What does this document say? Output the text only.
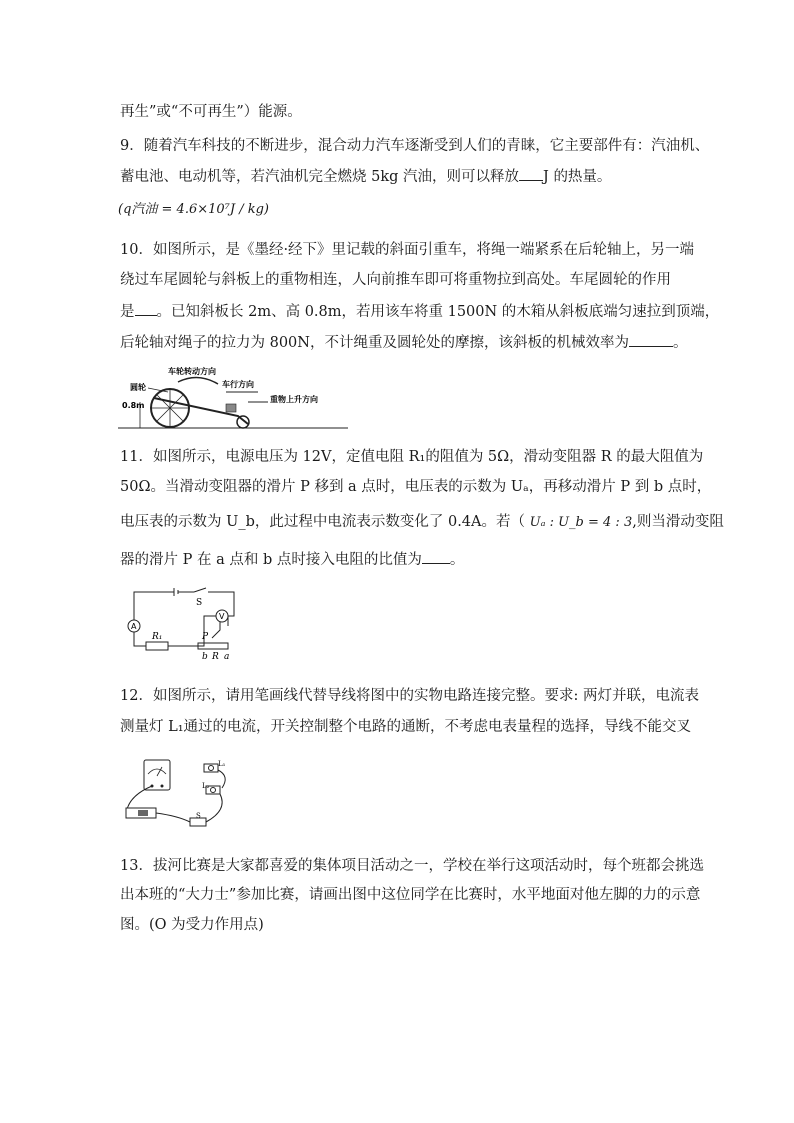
再生”或“不可再生”）能源。
9．随着汽车科技的不断进步，混合动力汽车逐渐受到人们的青睐，它主要部件有：汽油机、
蓄电池、电动机等，若汽油机完全燃烧 5kg 汽油，则可以释放 J 的热量。
(q汽油 = 4.6×10⁷J / kg)
10．如图所示，是《墨经·经下》里记载的斜面引重车，将绳一端紧系在后轮轴上，另一端
绕过车尾圆轮与斜板上的重物相连，人向前推车即可将重物拉到高处。车尾圆轮的作用
是 。已知斜板长 2m、高 0.8m，若用该车将重 1500N 的木箱从斜板底端匀速拉到顶端，
后轮轴对绳子的拉力为 800N，不计绳重及圆轮处的摩擦，该斜板的机械效率为	。
0.8m
圆轮
车轮转动方向
车行方向
重物上升方向
11．如图所示，电源电压为 12V，定值电阻 R₁的阻值为 5Ω，滑动变阻器 R 的最大阻值为
50Ω。当滑动变阻器的滑片 P 移到 a 点时，电压表的示数为 Uₐ，再移动滑片 P 到 b 点时，
电压表的示数为 U_b，此过程中电流表示数变化了 0.4A。若（ Uₐ : U_b = 4 : 3,则当滑动变阻
器的滑片 P 在 a 点和 b 点时接入电阻的比值为 。
A
V
S
R₁	P
b R a
12．如图所示，请用笔画线代替导线将图中的实物电路连接完整。要求: 两灯并联，电流表
测量灯 L₁通过的电流，开关控制整个电路的通断，不考虑电表量程的选择，导线不能交叉
S
L₁
L₂
13．拔河比赛是大家都喜爱的集体项目活动之一，学校在举行这项活动时，每个班都会挑选
出本班的“大力士”参加比赛，请画出图中这位同学在比赛时，水平地面对他左脚的力的示意
图。(O 为受力作用点)
